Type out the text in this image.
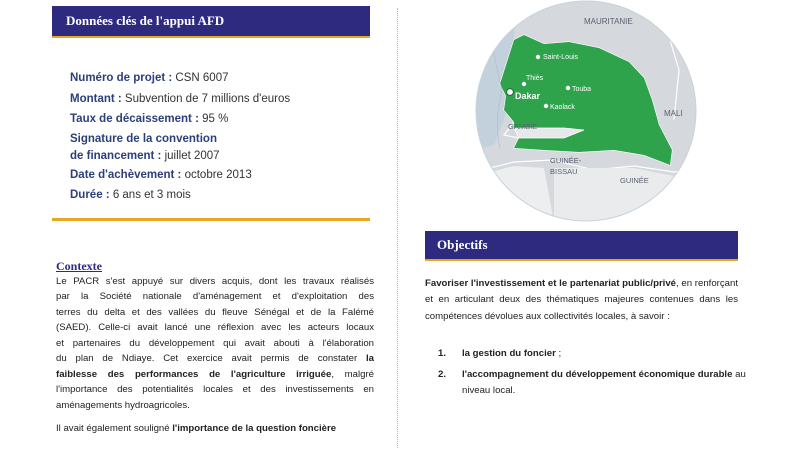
Données clés de l'appui AFD
Numéro de projet : CSN 6007
Montant : Subvention de 7 millions d'euros
Taux de décaissement : 95 %
Signature de la convention
de financement : juillet 2007
Date d'achèvement : octobre 2013
Durée : 6 ans et 3 mois
Contexte
Le PACR s'est appuyé sur divers acquis, dont les travaux réalisés
par la Société nationale d'aménagement et d'exploitation des
terres du delta et des vallées du fleuve Sénégal et de la Falémé
(SAED). Celle-ci avait lancé une réflexion avec les acteurs locaux
et partenaires du développement qui avait abouti à l'élaboration
du plan de Ndiaye. Cet exercice avait permis de constater la
faiblesse des performances de l'agriculture irriguée, malgré
l'importance des potentialités locales et des investissements en
aménagements hydroagricoles.
Il avait également souligné l'importance de la question foncière
MAURITANIE
Saint-Louis
Thiès
Touba
Dakar
Kaolack
MALI
GAMBIE
GUINÉE-
BISSAU
GUINÉE
Objectifs
Favoriser l'investissement et le partenariat public/privé, en renforçant
et en articulant deux des thématiques majeures contenues dans les
compétences dévolues aux collectivités locales, à savoir :
1. la gestion du foncier ;
2. l'accompagnement du développement économique durable au
niveau local.
